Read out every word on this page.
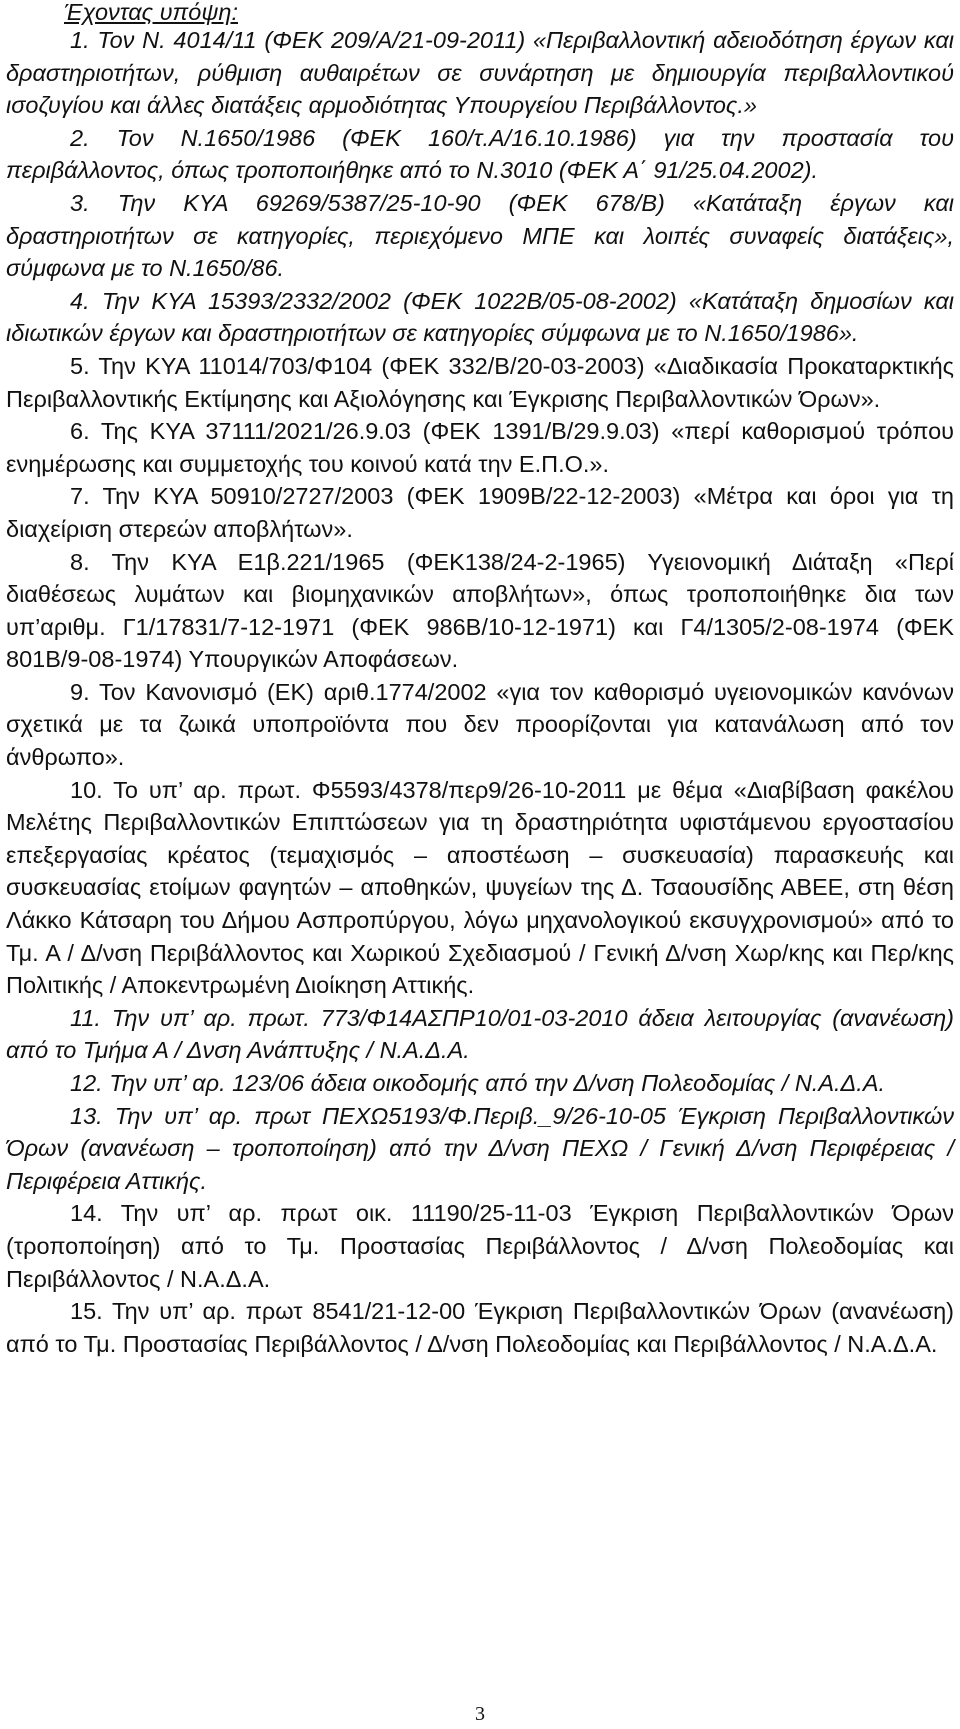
Έχοντας υπόψη:
1. Τον Ν. 4014/11 (ΦΕΚ 209/Α/21-09-2011) «Περιβαλλοντική αδειοδότηση έργων και δραστηριοτήτων, ρύθμιση αυθαιρέτων σε συνάρτηση με δημιουργία περιβαλλοντικού ισοζυγίου και άλλες διατάξεις αρμοδιότητας Υπουργείου Περιβάλλοντος.»
2. Τον Ν.1650/1986 (ΦΕΚ 160/τ.Α/16.10.1986) για την προστασία του περιβάλλοντος, όπως τροποποιήθηκε από το Ν.3010 (ΦΕΚ Α΄ 91/25.04.2002).
3. Την ΚΥΑ 69269/5387/25-10-90 (ΦΕΚ 678/Β) «Κατάταξη έργων και δραστηριοτήτων σε κατηγορίες, περιεχόμενο ΜΠΕ και λοιπές συναφείς διατάξεις», σύμφωνα με το Ν.1650/86.
4. Την ΚΥΑ 15393/2332/2002 (ΦΕΚ 1022Β/05-08-2002) «Κατάταξη δημοσίων και ιδιωτικών έργων και δραστηριοτήτων σε κατηγορίες σύμφωνα με το Ν.1650/1986».
5. Την ΚΥΑ 11014/703/Φ104 (ΦΕΚ 332/Β/20-03-2003) «Διαδικασία Προκαταρκτικής Περιβαλλοντικής Εκτίμησης και Αξιολόγησης και Έγκρισης Περιβαλλοντικών Όρων».
6. Της ΚΥΑ 37111/2021/26.9.03 (ΦΕΚ 1391/Β/29.9.03) «περί καθορισμού τρόπου ενημέρωσης και συμμετοχής του κοινού κατά την Ε.Π.Ο.».
7. Την ΚΥΑ 50910/2727/2003 (ΦΕΚ 1909Β/22-12-2003) «Μέτρα και όροι για τη διαχείριση στερεών αποβλήτων».
8. Την ΚΥΑ Ε1β.221/1965 (ΦΕΚ138/24-2-1965) Υγειονομική Διάταξη «Περί διαθέσεως λυμάτων και βιομηχανικών αποβλήτων», όπως τροποποιήθηκε δια των υπ’αριθμ. Γ1/17831/7-12-1971 (ΦΕΚ 986Β/10-12-1971) και Γ4/1305/2-08-1974 (ΦΕΚ 801Β/9-08-1974) Υπουργικών Αποφάσεων.
9. Τον Κανονισμό (ΕΚ) αριθ.1774/2002 «για τον καθορισμό υγειονομικών κανόνων σχετικά με τα ζωικά υποπροϊόντα που δεν προορίζονται για κατανάλωση από τον άνθρωπο».
10. Το υπ’ αρ. πρωτ. Φ5593/4378/περ9/26-10-2011 με θέμα «Διαβίβαση φακέλου Μελέτης Περιβαλλοντικών Επιπτώσεων για τη δραστηριότητα υφιστάμενου εργοστασίου επεξεργασίας κρέατος (τεμαχισμός – αποστέωση – συσκευασία) παρασκευής και συσκευασίας ετοίμων φαγητών – αποθηκών, ψυγείων της Δ. Τσαουσίδης ΑΒΕΕ, στη θέση Λάκκο Κάτσαρη του Δήμου Ασπροπύργου, λόγω μηχανολογικού εκσυγχρονισμού» από το Τμ. Α / Δ/νση Περιβάλλοντος και Χωρικού Σχεδιασμού / Γενική Δ/νση Χωρ/κης και Περ/κης Πολιτικής / Αποκεντρωμένη Διοίκηση Αττικής.
11. Την υπ’ αρ. πρωτ. 773/Φ14ΑΣΠΡ10/01-03-2010 άδεια λειτουργίας (ανανέωση) από το Τμήμα Α / Δνση Ανάπτυξης / Ν.Α.Δ.Α.
12. Την υπ’ αρ. 123/06 άδεια οικοδομής από την Δ/νση Πολεοδομίας / Ν.Α.Δ.Α.
13. Την υπ’ αρ. πρωτ ΠΕΧΩ5193/Φ.Περιβ._9/26-10-05 Έγκριση Περιβαλλοντικών Όρων (ανανέωση – τροποποίηση) από την Δ/νση ΠΕΧΩ / Γενική Δ/νση Περιφέρειας / Περιφέρεια Αττικής.
14. Την υπ’ αρ. πρωτ οικ. 11190/25-11-03 Έγκριση Περιβαλλοντικών Όρων (τροποποίηση) από το Τμ. Προστασίας Περιβάλλοντος / Δ/νση Πολεοδομίας και Περιβάλλοντος / Ν.Α.Δ.Α.
15. Την υπ’ αρ. πρωτ 8541/21-12-00 Έγκριση Περιβαλλοντικών Όρων (ανανέωση) από το Τμ. Προστασίας Περιβάλλοντος / Δ/νση Πολεοδομίας και Περιβάλλοντος / Ν.Α.Δ.Α.
3
